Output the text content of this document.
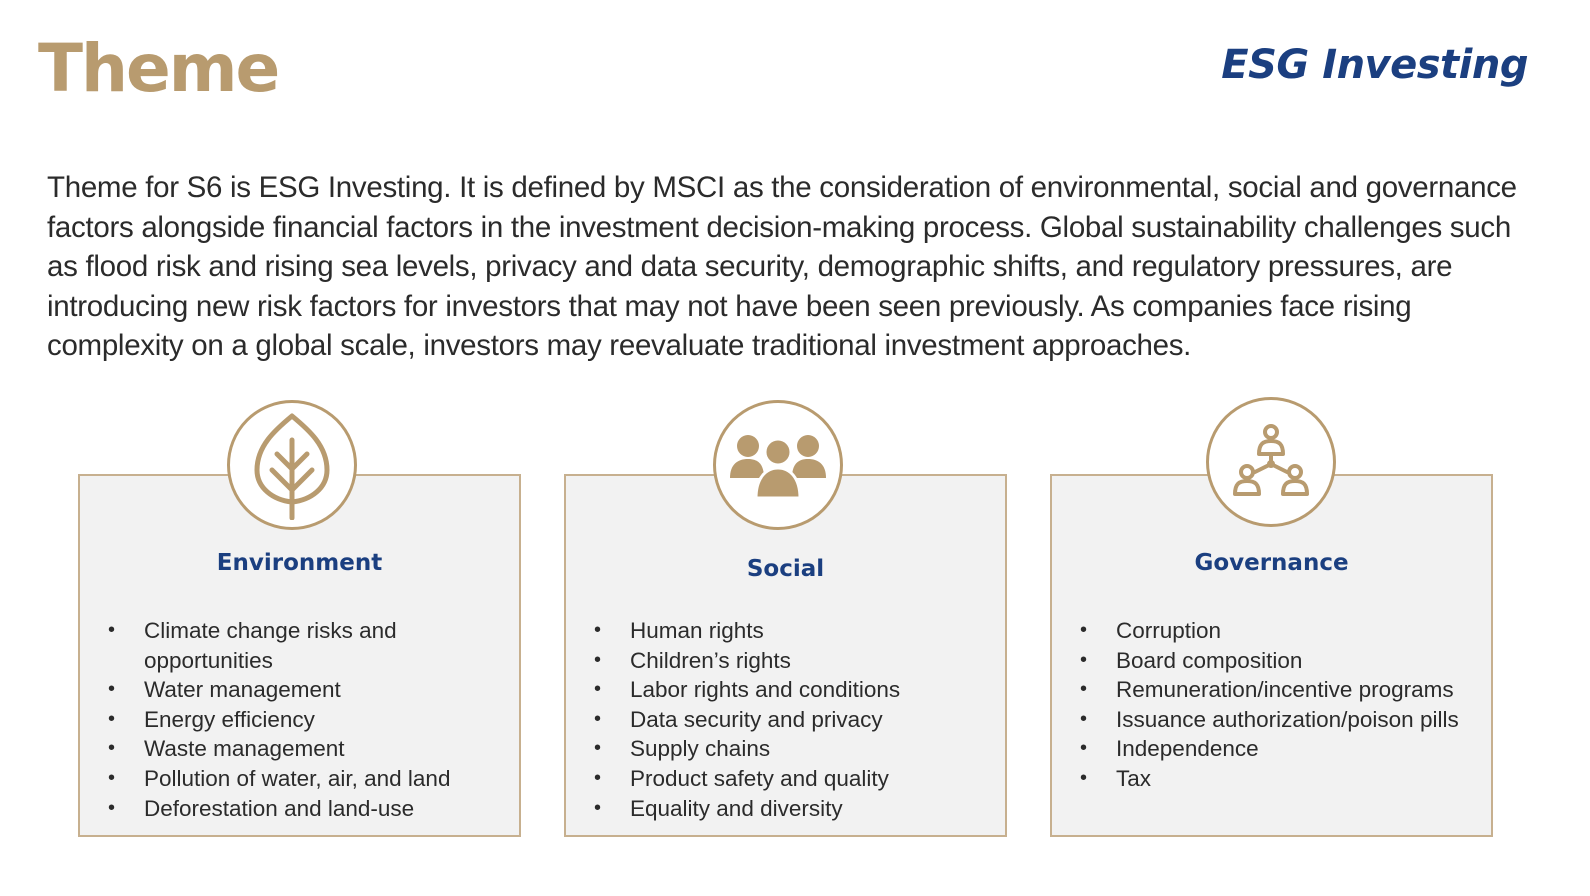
Theme	ESG Investing

Theme for S6 is ESG Investing. It is defined by MSCI as the consideration of environmental, social and governance factors alongside financial factors in the investment decision-making process. Global sustainability challenges such as flood risk and rising sea levels, privacy and data security, demographic shifts, and regulatory pressures, are introducing new risk factors for investors that may not have been seen previously. As companies face rising complexity on a global scale, investors may reevaluate traditional investment approaches.

Environment
• Climate change risks and opportunities
• Water management
• Energy efficiency
• Waste management
• Pollution of water, air, and land
• Deforestation and land-use
Social
• Human rights
• Children’s rights
• Labor rights and conditions
• Data security and privacy
• Supply chains
• Product safety and quality
• Equality and diversity
Governance
• Corruption
• Board composition
• Remuneration/incentive programs
• Issuance authorization/poison pills
• Independence
• Tax
